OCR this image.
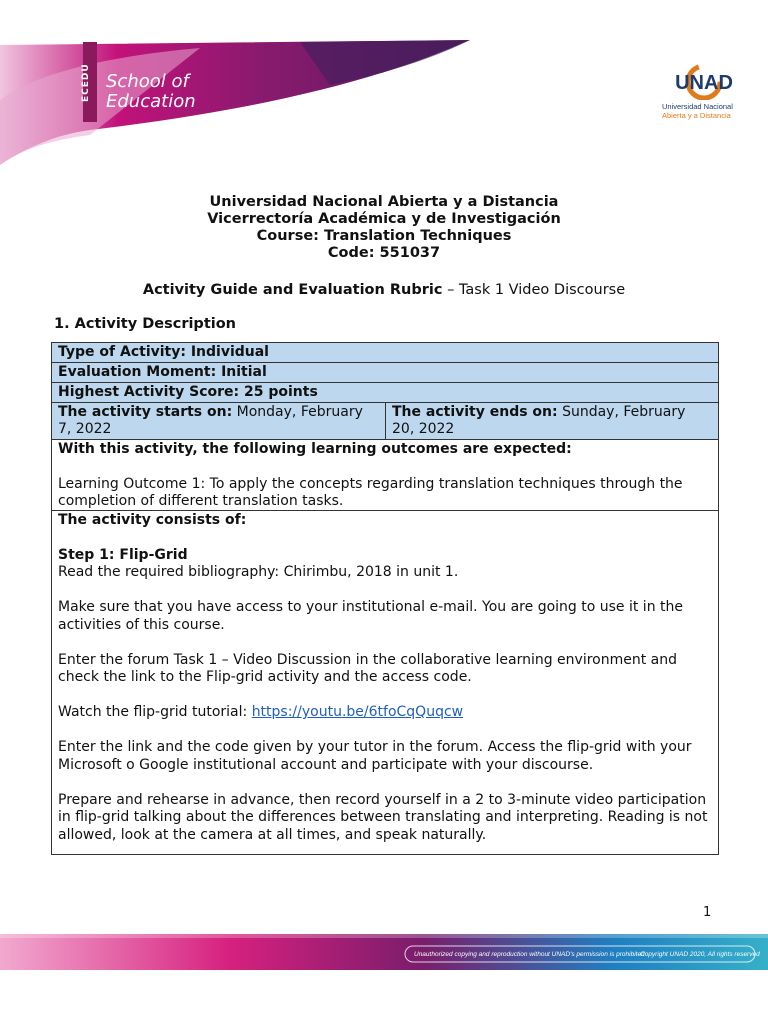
ECEDU School of
Education
UNAD
Universidad Nacional
Abierta y a Distancia
Universidad Nacional Abierta y a Distancia
Vicerrectoría Académica y de Investigación
Course: Translation Techniques
Code: 551037
Activity Guide and Evaluation Rubric – Task 1 Video Discourse
1. Activity Description
Type of Activity: Individual
Evaluation Moment: Initial
Highest Activity Score: 25 points
The activity starts on: Monday, February 7, 2022
The activity ends on: Sunday, February 20, 2022

With this activity, the following learning outcomes are expected:

Learning Outcome 1: To apply the concepts regarding translation techniques through the completion of different translation tasks.

The activity consists of:

Step 1: Flip-Grid

Read the required bibliography: Chirimbu, 2018 in unit 1.

Make sure that you have access to your institutional e-mail. You are going to use it in the activities of this course.

Enter the forum Task 1 – Video Discussion in the collaborative learning environment and check the link to the Flip-grid activity and the access code.

Watch the flip-grid tutorial: https://youtu.be/6tfoCqQuqcw

Enter the link and the code given by your tutor in the forum. Access the flip-grid with your Microsoft o Google institutional account and participate with your discourse.

Prepare and rehearse in advance, then record yourself in a 2 to 3-minute video participation in flip-grid talking about the differences between translating and interpreting. Reading is not allowed, look at the camera at all times, and speak naturally.

1
Unauthorized copying and reproduction without UNAD's permission is prohibited
Copyright UNAD 2020, All rights reserved
